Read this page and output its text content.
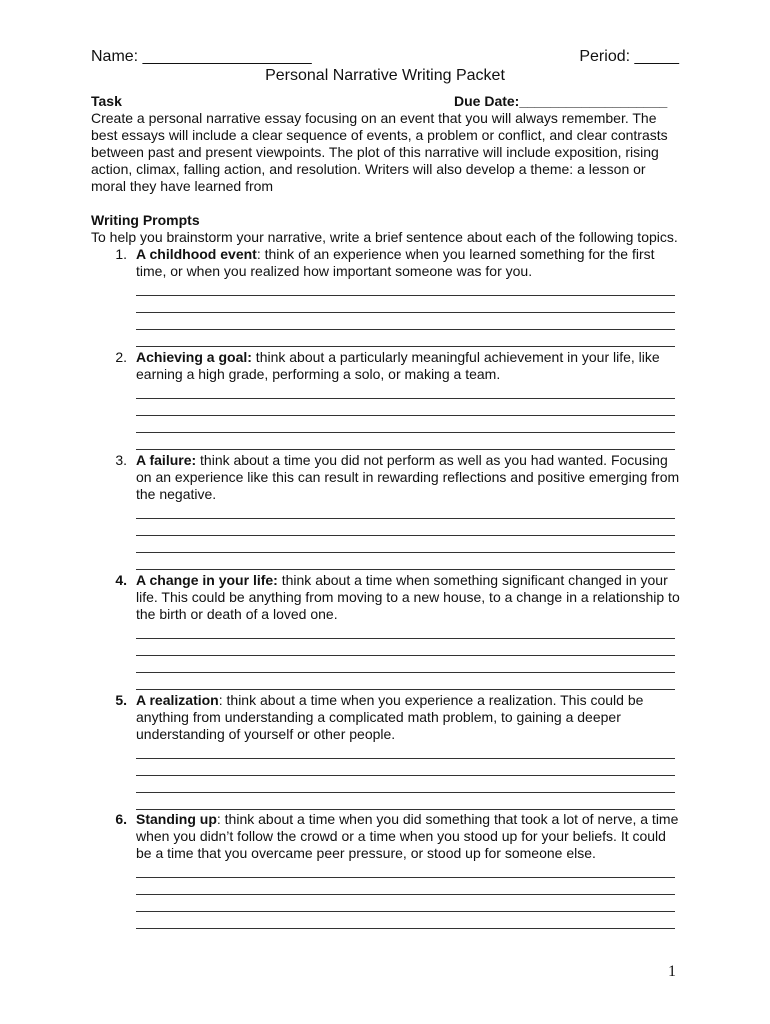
Name: ___________________	Period: _____
Personal Narrative Writing Packet
Task	Due Date:___________________
Create a personal narrative essay focusing on an event that you will always remember. The
best essays will include a clear sequence of events, a problem or conflict, and clear contrasts
between past and present viewpoints. The plot of this narrative will include exposition, rising
action, climax, falling action, and resolution. Writers will also develop a theme: a lesson or
moral they have learned from
Writing Prompts
To help you brainstorm your narrative, write a brief sentence about each of the following topics.
1. A childhood event: think of an experience when you learned something for the first
time, or when you realized how important someone was for you.
2. Achieving a goal: think about a particularly meaningful achievement in your life, like
earning a high grade, performing a solo, or making a team.
3. A failure: think about a time you did not perform as well as you had wanted. Focusing
on an experience like this can result in rewarding reflections and positive emerging from
the negative.
4. A change in your life: think about a time when something significant changed in your
life. This could be anything from moving to a new house, to a change in a relationship to
the birth or death of a loved one.
5. A realization: think about a time when you experience a realization. This could be
anything from understanding a complicated math problem, to gaining a deeper
understanding of yourself or other people.
6. Standing up: think about a time when you did something that took a lot of nerve, a time
when you didn’t follow the crowd or a time when you stood up for your beliefs. It could
be a time that you overcame peer pressure, or stood up for someone else.
1
